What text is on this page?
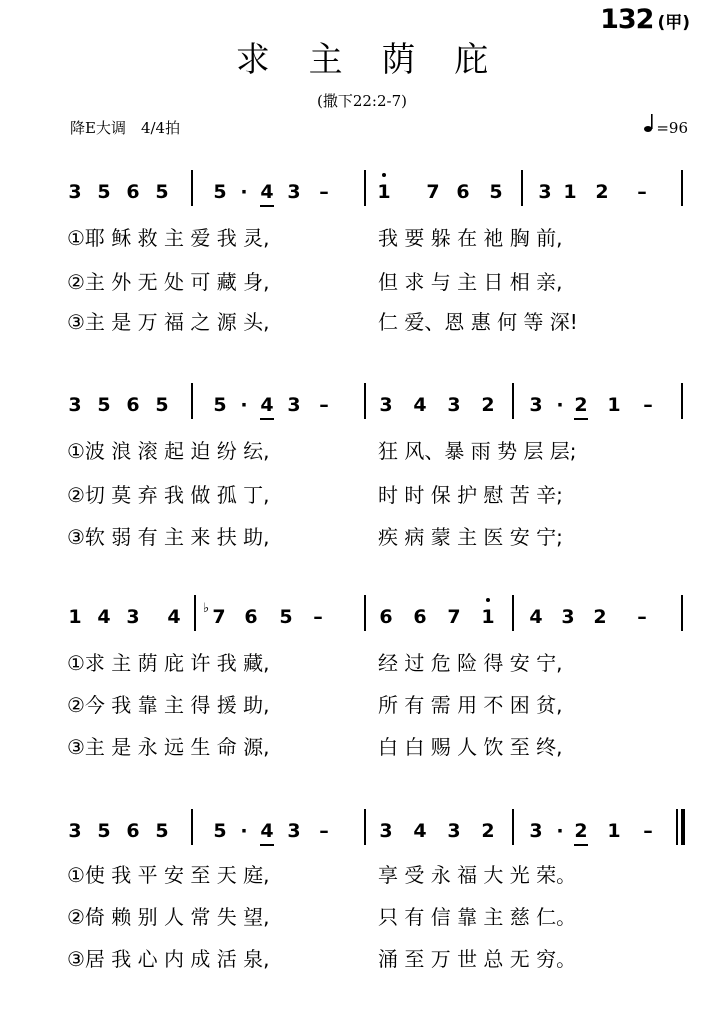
132 (甲)
求 主 荫 庇
(撒下22:2-7)
降E大调　4/4拍	=96
3 5 6 5 5 · 4 3 –	1 7 6 5 3 1 2	–
①耶 稣 救 主 爱 我 灵,	我 要 躲 在 祂 胸 前,
②主 外 无 处 可 藏 身,	但 求 与 主 日 相 亲,
③主 是 万 福 之 源 头,	仁 爱、恩 惠 何 等 深!
3 5 6 5 5 · 4 3 –	3 4 3 2 3 · 2 1	–
①波 浪 滚 起 迫 纷 纭,	狂 风、暴 雨 势 层 层;
②切 莫 弃 我 做 孤 丁,	时 时 保 护 慰 苦 辛;
③软 弱 有 主 来 扶 助,	疾 病 蒙 主 医 安 宁;
1 4 3 4 7
♭ 6 5	–	6 6 7 1 4 3 2	–
①求 主 荫 庇 许 我 藏,	经 过 危 险 得 安 宁,
②今 我 靠 主 得 援 助,	所 有 需 用 不 困 贫,
③主 是 永 远 生 命 源,	白 白 赐 人 饮 至 终,
3 5 6 5 5 · 4 3 –	3 4 3 2 3 · 2 1	–
①使 我 平 安 至 天 庭,	享 受 永 福 大 光 荣。
②倚 赖 别 人 常 失 望,	只 有 信 靠 主 慈 仁。
③居 我 心 内 成 活 泉,	涌 至 万 世 总 无 穷。
